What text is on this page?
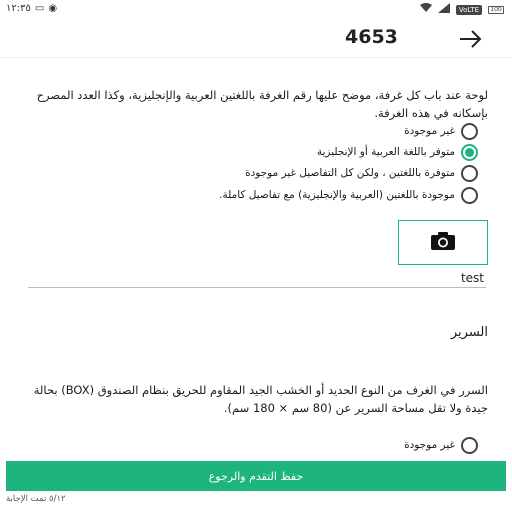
١٢:٣٥ ▭ ◉	VoLTE	100
4653
لوحة عند باب كل غرفة، موضح عليها رقم الغرفة باللغتين العربية والإنجليزية، وكذا العدد المصرح بإسكانه في هذه الغرفة.
غير موجودة
متوفر باللغة العربية أو الإنجليزية
متوفرة باللغتين ، ولكن كل التفاصيل غير موجودة
موجودة باللغتين (العربية والإنجليزية) مع تفاصيل كاملة.
test
السرير
السرر في الغرف من النوع الحديد أو الخشب الجيد المقاوم للحريق بنظام الصندوق (BOX) بحالة جيدة ولا تقل مساحة السرير عن (80 سم × 180 سم).
غير موجودة
حفظ التقدم والرجوع
٥/١٢ تمت الإجابة
